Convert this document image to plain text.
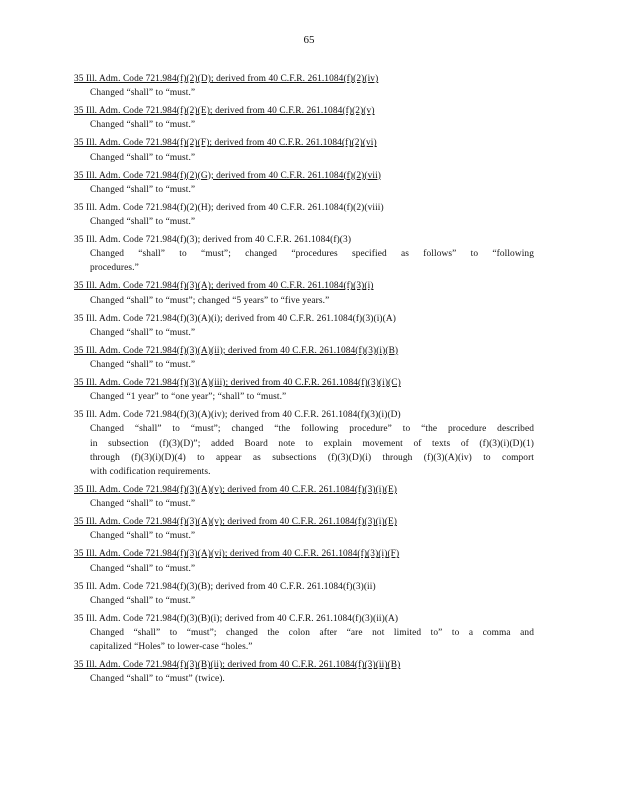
65
35 Ill. Adm. Code 721.984(f)(2)(D); derived from 40 C.F.R. 261.1084(f)(2)(iv)
Changed “shall” to “must.”
35 Ill. Adm. Code 721.984(f)(2)(E); derived from 40 C.F.R. 261.1084(f)(2)(v)
Changed “shall” to “must.”
35 Ill. Adm. Code 721.984(f)(2)(F); derived from 40 C.F.R. 261.1084(f)(2)(vi)
Changed “shall” to “must.”
35 Ill. Adm. Code 721.984(f)(2)(G); derived from 40 C.F.R. 261.1084(f)(2)(vii)
Changed “shall” to “must.”
35 Ill. Adm. Code 721.984(f)(2)(H); derived from 40 C.F.R. 261.1084(f)(2)(viii)
Changed “shall” to “must.”
35 Ill. Adm. Code 721.984(f)(3); derived from 40 C.F.R. 261.1084(f)(3)
Changed “shall” to “must”; changed “procedures specified as follows” to “following
procedures.”
35 Ill. Adm. Code 721.984(f)(3)(A); derived from 40 C.F.R. 261.1084(f)(3)(i)
Changed “shall” to “must”; changed “5 years” to “five years.”
35 Ill. Adm. Code 721.984(f)(3)(A)(i); derived from 40 C.F.R. 261.1084(f)(3)(i)(A)
Changed “shall” to “must.”
35 Ill. Adm. Code 721.984(f)(3)(A)(ii); derived from 40 C.F.R. 261.1084(f)(3)(i)(B)
Changed “shall” to “must.”
35 Ill. Adm. Code 721.984(f)(3)(A)(iii); derived from 40 C.F.R. 261.1084(f)(3)(i)(C)
Changed “1 year” to “one year”; “shall” to “must.”
35 Ill. Adm. Code 721.984(f)(3)(A)(iv); derived from 40 C.F.R. 261.1084(f)(3)(i)(D)
Changed “shall” to “must”; changed “the following procedure” to “the procedure described
in subsection (f)(3)(D)”; added Board note to explain movement of texts of (f)(3)(i)(D)(1)
through (f)(3)(i)(D)(4) to appear as subsections (f)(3)(D)(i) through (f)(3)(A)(iv) to comport
with codification requirements.
35 Ill. Adm. Code 721.984(f)(3)(A)(v); derived from 40 C.F.R. 261.1084(f)(3)(i)(E)
Changed “shall” to “must.”
35 Ill. Adm. Code 721.984(f)(3)(A)(v); derived from 40 C.F.R. 261.1084(f)(3)(i)(E)
Changed “shall” to “must.”
35 Ill. Adm. Code 721.984(f)(3)(A)(vi); derived from 40 C.F.R. 261.1084(f)(3)(i)(F)
Changed “shall” to “must.”
35 Ill. Adm. Code 721.984(f)(3)(B); derived from 40 C.F.R. 261.1084(f)(3)(ii)
Changed “shall” to “must.”
35 Ill. Adm. Code 721.984(f)(3)(B)(i); derived from 40 C.F.R. 261.1084(f)(3)(ii)(A)
Changed “shall” to “must”; changed the colon after “are not limited to” to a comma and
capitalized “Holes” to lower-case “holes.”
35 Ill. Adm. Code 721.984(f)(3)(B)(ii); derived from 40 C.F.R. 261.1084(f)(3)(ii)(B)
Changed “shall” to “must” (twice).
